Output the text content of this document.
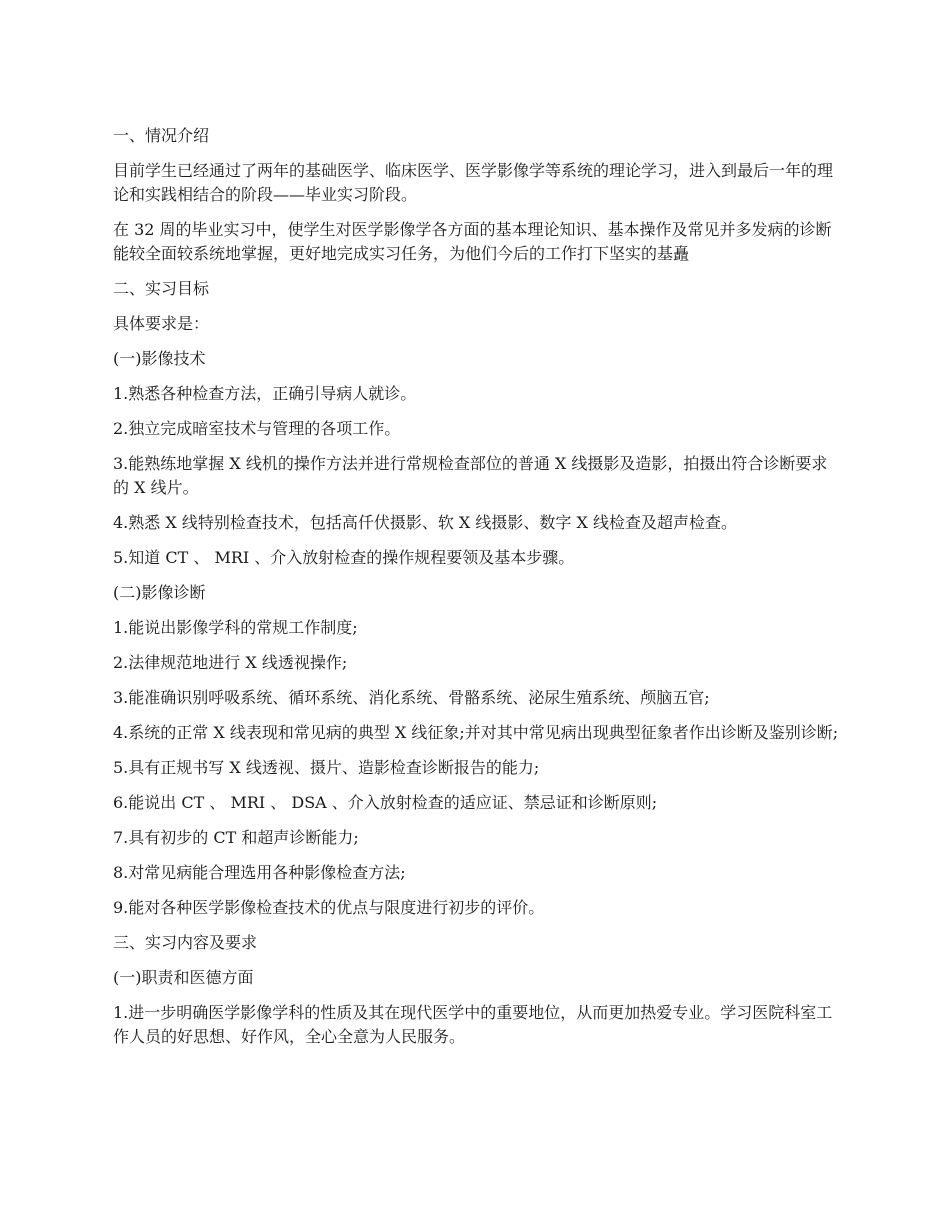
一、情况介绍

目前学生已经通过了两年的基础医学、临床医学、医学影像学等系统的理论学习，进入到最后一年的理论和实践相结合的阶段——毕业实习阶段。

在 32 周的毕业实习中，使学生对医学影像学各方面的基本理论知识、基本操作及常见并多发病的诊断能较全面较系统地掌握，更好地完成实习任务，为他们今后的工作打下坚实的基矗

二、实习目标

具体要求是：

(一)影像技术

1.熟悉各种检查方法，正确引导病人就诊。

2.独立完成暗室技术与管理的各项工作。

3.能熟练地掌握 X 线机的操作方法并进行常规检查部位的普通 X 线摄影及造影，拍摄出符合诊断要求的 X 线片。

4.熟悉 X 线特别检查技术，包括高仟伏摄影、软 X 线摄影、数字 X 线检查及超声检查。

5.知道 CT 、 MRI 、介入放射检查的操作规程要领及基本步骤。

(二)影像诊断

1.能说出影像学科的常规工作制度;

2.法律规范地进行 X 线透视操作;

3.能准确识别呼吸系统、循环系统、消化系统、骨骼系统、泌尿生殖系统、颅脑五官;

4.系统的正常 X 线表现和常见病的典型 X 线征象;并对其中常见病出现典型征象者作出诊断及鉴别诊断;

5.具有正规书写 X 线透视、摄片、造影检查诊断报告的能力;

6.能说出 CT 、 MRI 、 DSA 、介入放射检查的适应证、禁忌证和诊断原则;

7.具有初步的 CT 和超声诊断能力;

8.对常见病能合理选用各种影像检查方法;

9.能对各种医学影像检查技术的优点与限度进行初步的评价。

三、实习内容及要求

(一)职责和医德方面

1.进一步明确医学影像学科的性质及其在现代医学中的重要地位，从而更加热爱专业。学习医院科室工作人员的好思想、好作风，全心全意为人民服务。
